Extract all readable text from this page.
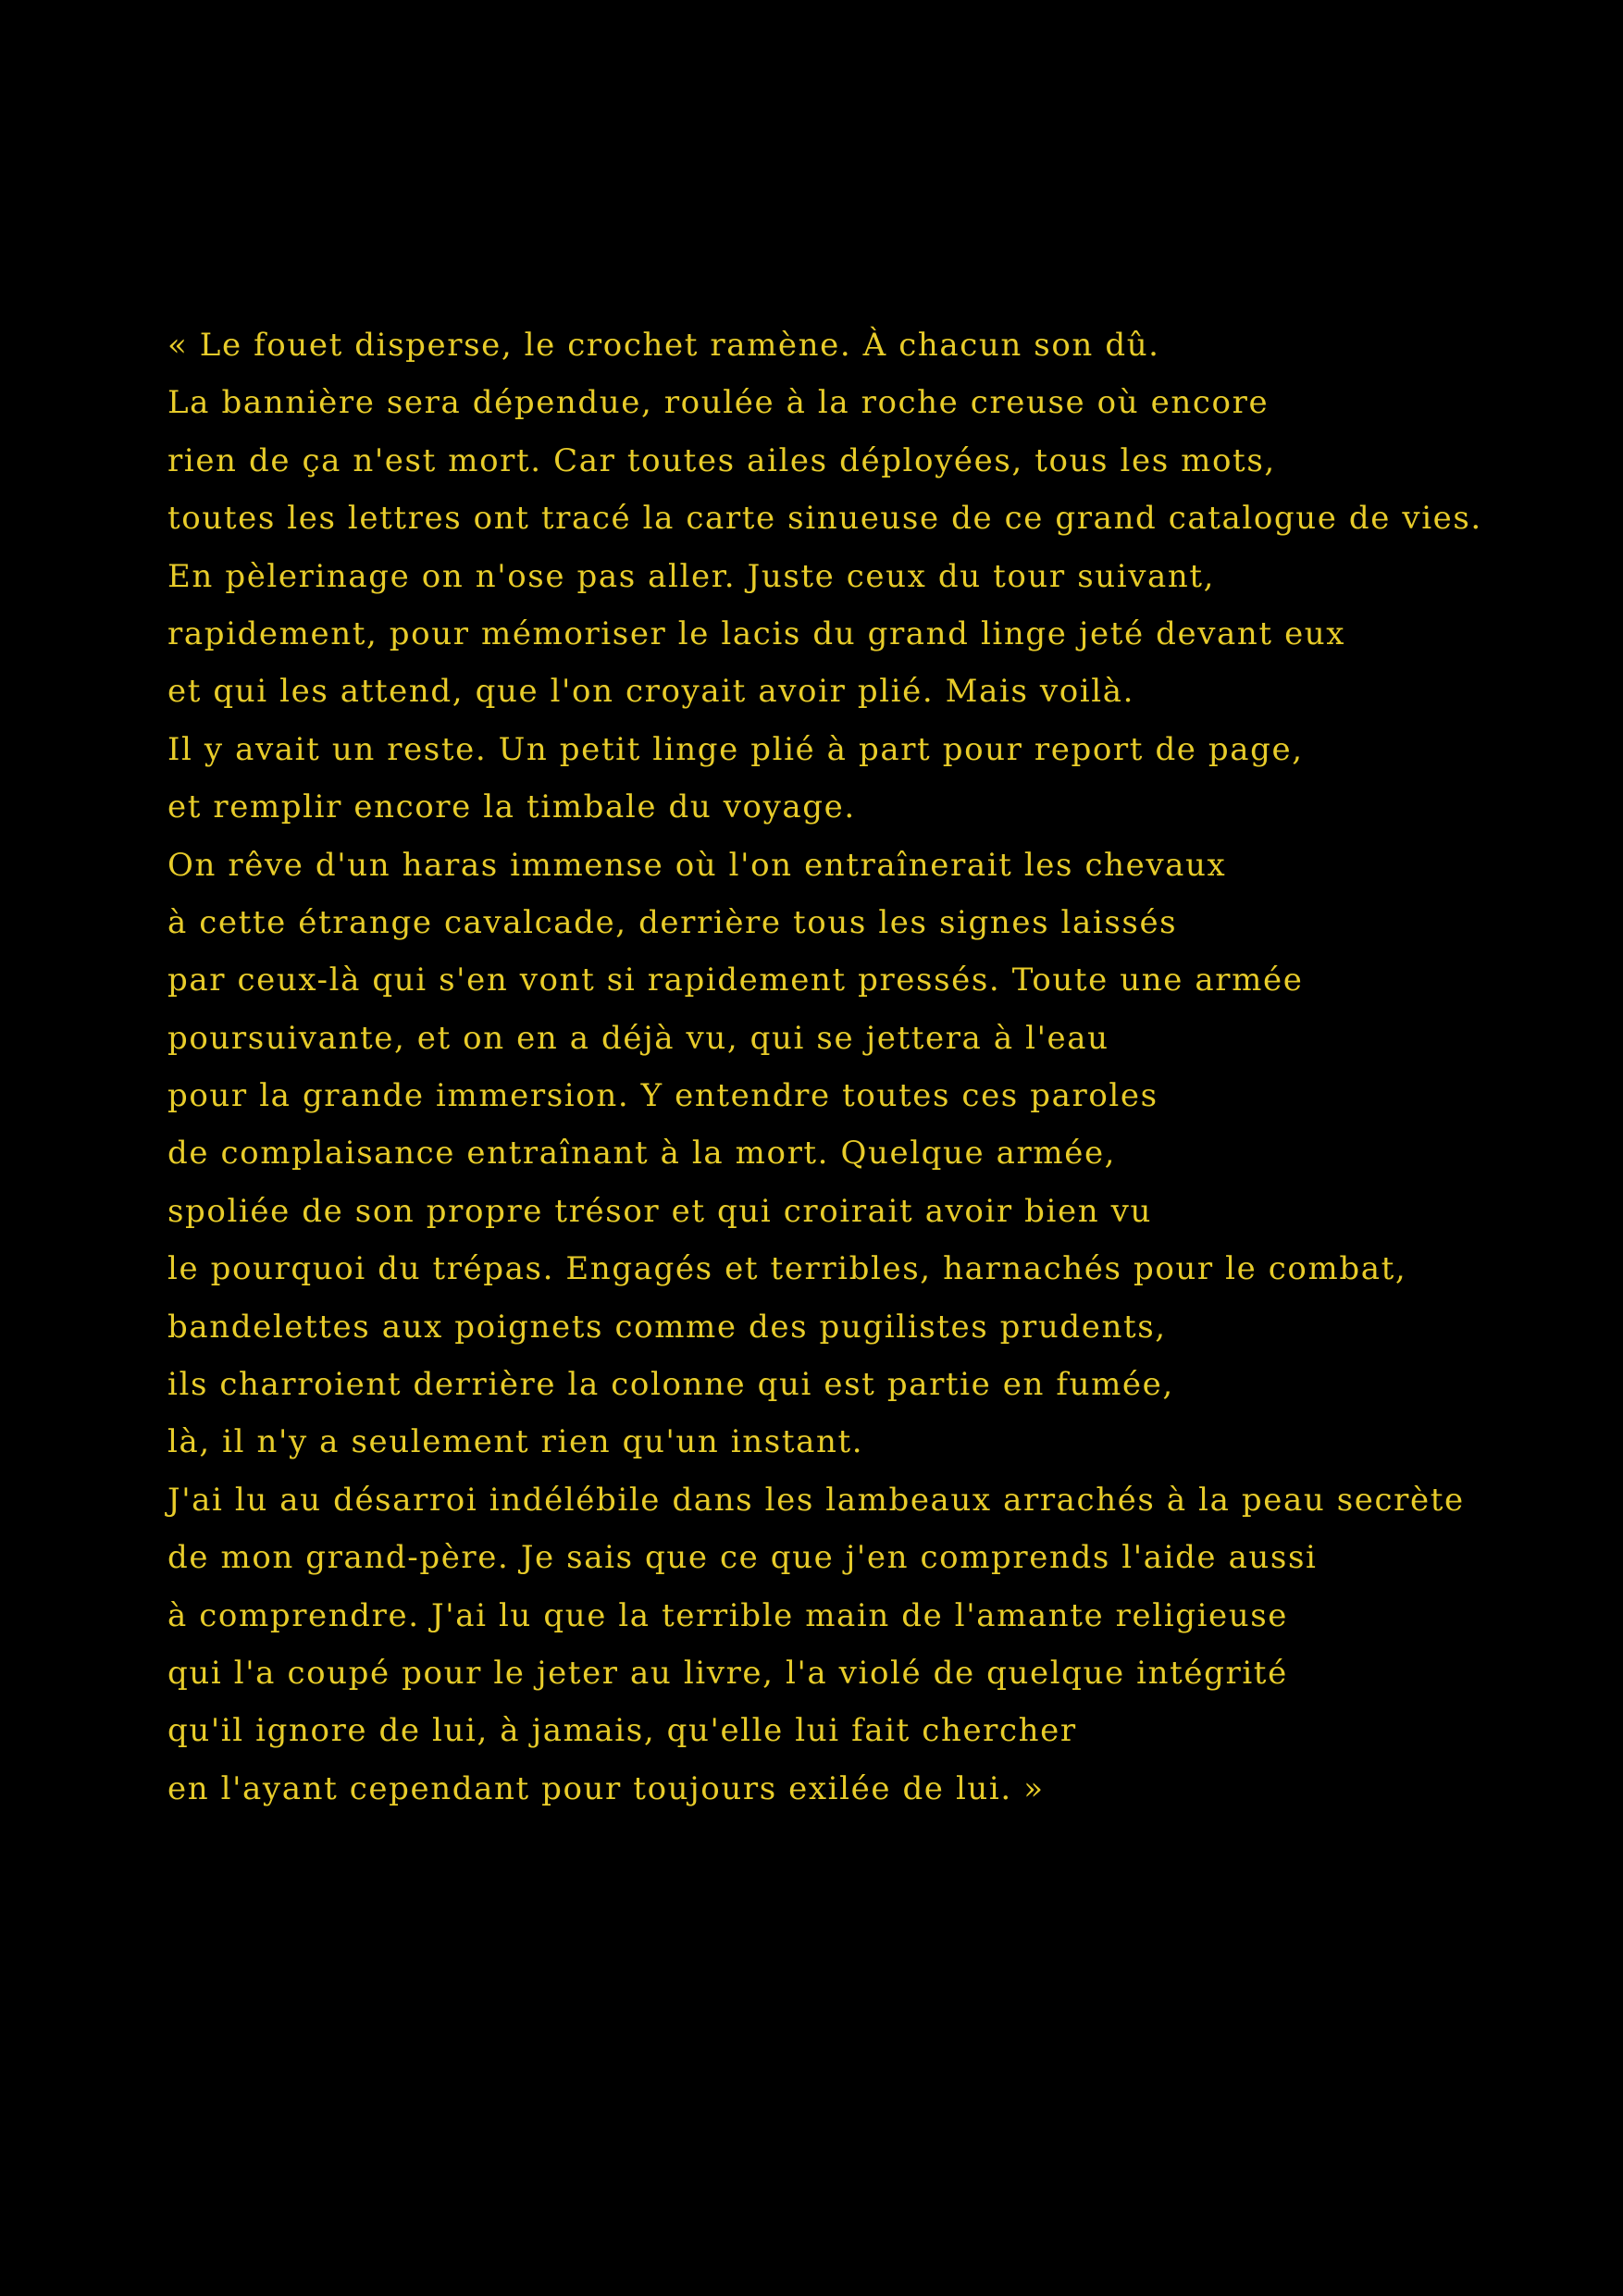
« Le fouet disperse, le crochet ramène. À chacun son dû.
La bannière sera dépendue, roulée à la roche creuse où encore
rien de ça n'est mort. Car toutes ailes déployées, tous les mots,
toutes les lettres ont tracé la carte sinueuse de ce grand catalogue de vies.
En pèlerinage on n'ose pas aller. Juste ceux du tour suivant,
rapidement, pour mémoriser le lacis du grand linge jeté devant eux
et qui les attend, que l'on croyait avoir plié. Mais voilà.
Il y avait un reste. Un petit linge plié à part pour report de page,
et remplir encore la timbale du voyage.
On rêve d'un haras immense où l'on entraînerait les chevaux
à cette étrange cavalcade, derrière tous les signes laissés
par ceux-là qui s'en vont si rapidement pressés. Toute une armée
poursuivante, et on en a déjà vu, qui se jettera à l'eau
pour la grande immersion. Y entendre toutes ces paroles
de complaisance entraînant à la mort. Quelque armée,
spoliée de son propre trésor et qui croirait avoir bien vu
le pourquoi du trépas. Engagés et terribles, harnachés pour le combat,
bandelettes aux poignets comme des pugilistes prudents,
ils charroient derrière la colonne qui est partie en fumée,
là, il n'y a seulement rien qu'un instant.
J'ai lu au désarroi indélébile dans les lambeaux arrachés à la peau secrète
de mon grand-père. Je sais que ce que j'en comprends l'aide aussi
à comprendre. J'ai lu que la terrible main de l'amante religieuse
qui l'a coupé pour le jeter au livre, l'a violé de quelque intégrité
qu'il ignore de lui, à jamais, qu'elle lui fait chercher
en l'ayant cependant pour toujours exilée de lui. »
